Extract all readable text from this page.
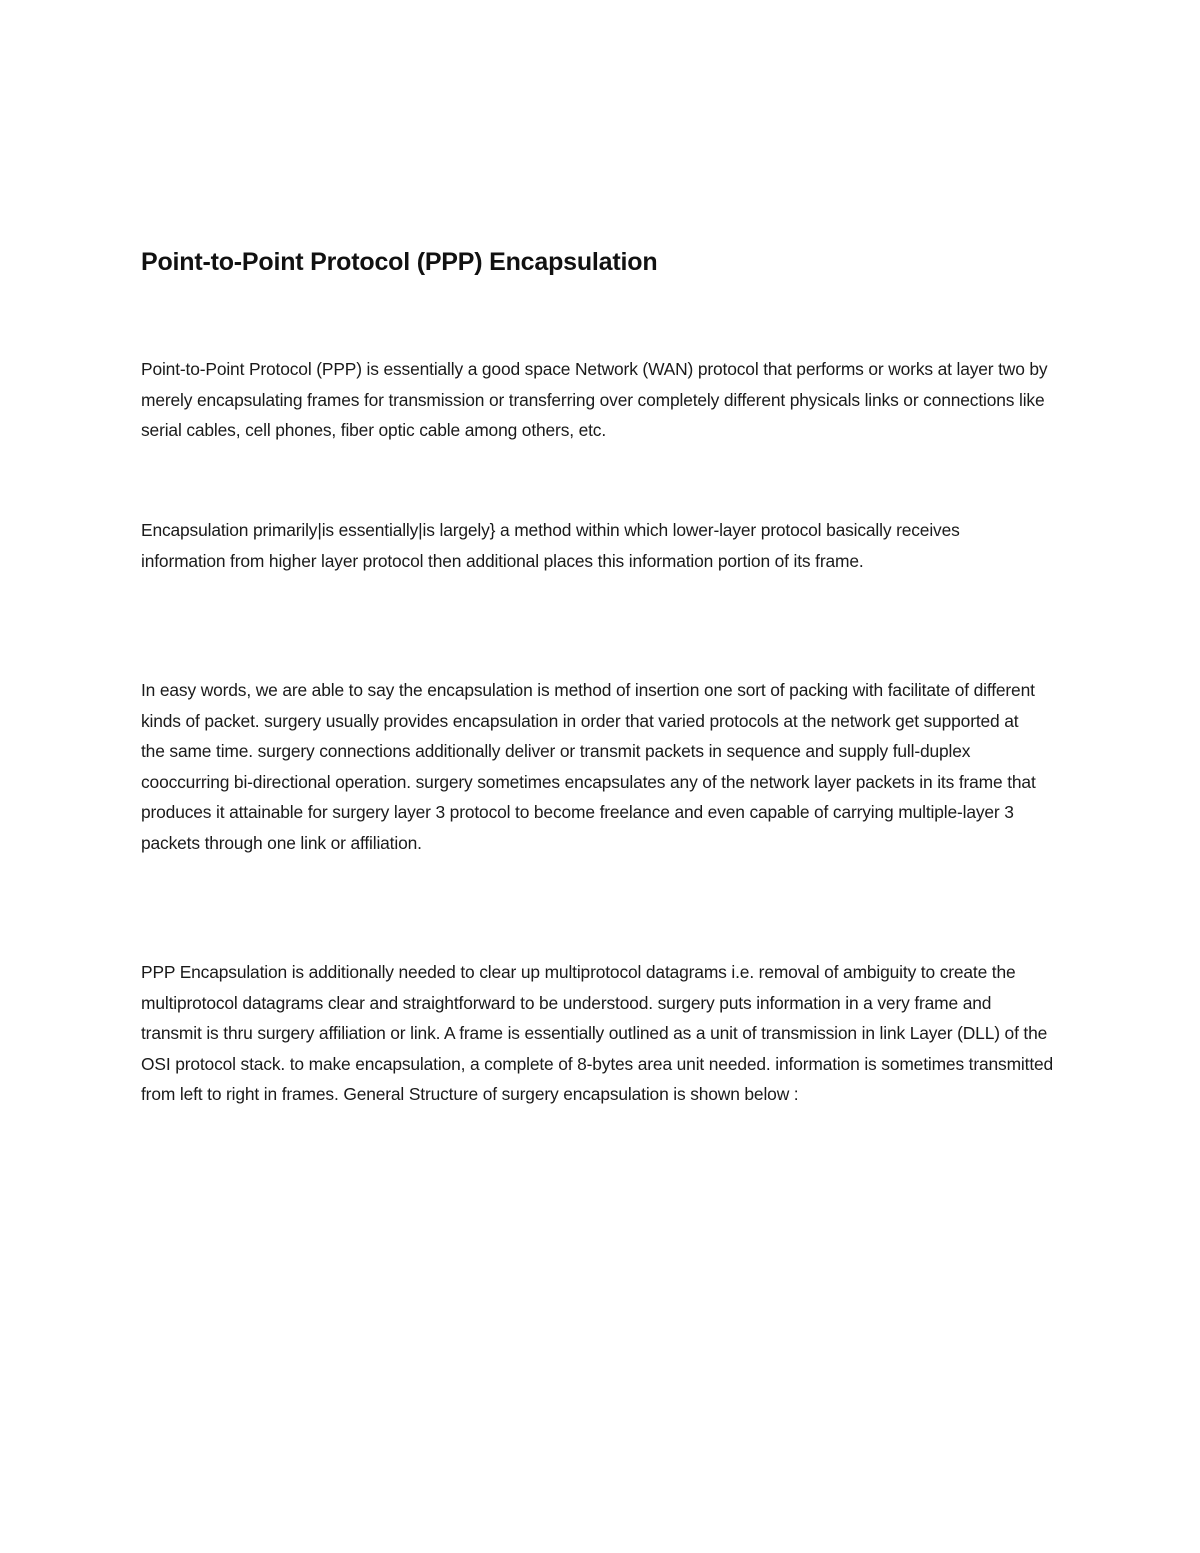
Point-to-Point Protocol (PPP) Encapsulation

Point-to-Point Protocol (PPP) is essentially a good space Network (WAN) protocol that performs or works at layer two by merely encapsulating frames for transmission or transferring over completely different physicals links or connections like serial cables, cell phones, fiber optic cable among others, etc.

Encapsulation primarily|is essentially|is largely} a method within which lower-layer protocol basically receives information from higher layer protocol then additional places this information portion of its frame.

In easy words, we are able to say the encapsulation is method of insertion one sort of packing with facilitate of different kinds of packet. surgery usually provides encapsulation in order that varied protocols at the network get supported at the same time. surgery connections additionally deliver or transmit packets in sequence and supply full-duplex cooccurring bi-directional operation. surgery sometimes encapsulates any of the network layer packets in its frame that produces it attainable for surgery layer 3 protocol to become freelance and even capable of carrying multiple-layer 3 packets through one link or affiliation.

PPP Encapsulation is additionally needed to clear up multiprotocol datagrams i.e. removal of ambiguity to create the multiprotocol datagrams clear and straightforward to be understood. surgery puts information in a very frame and transmit is thru surgery affiliation or link. A frame is essentially outlined as a unit of transmission in link Layer (DLL) of the OSI protocol stack. to make encapsulation, a complete of 8-bytes area unit needed. information is sometimes transmitted from left to right in frames. General Structure of surgery encapsulation is shown below :
